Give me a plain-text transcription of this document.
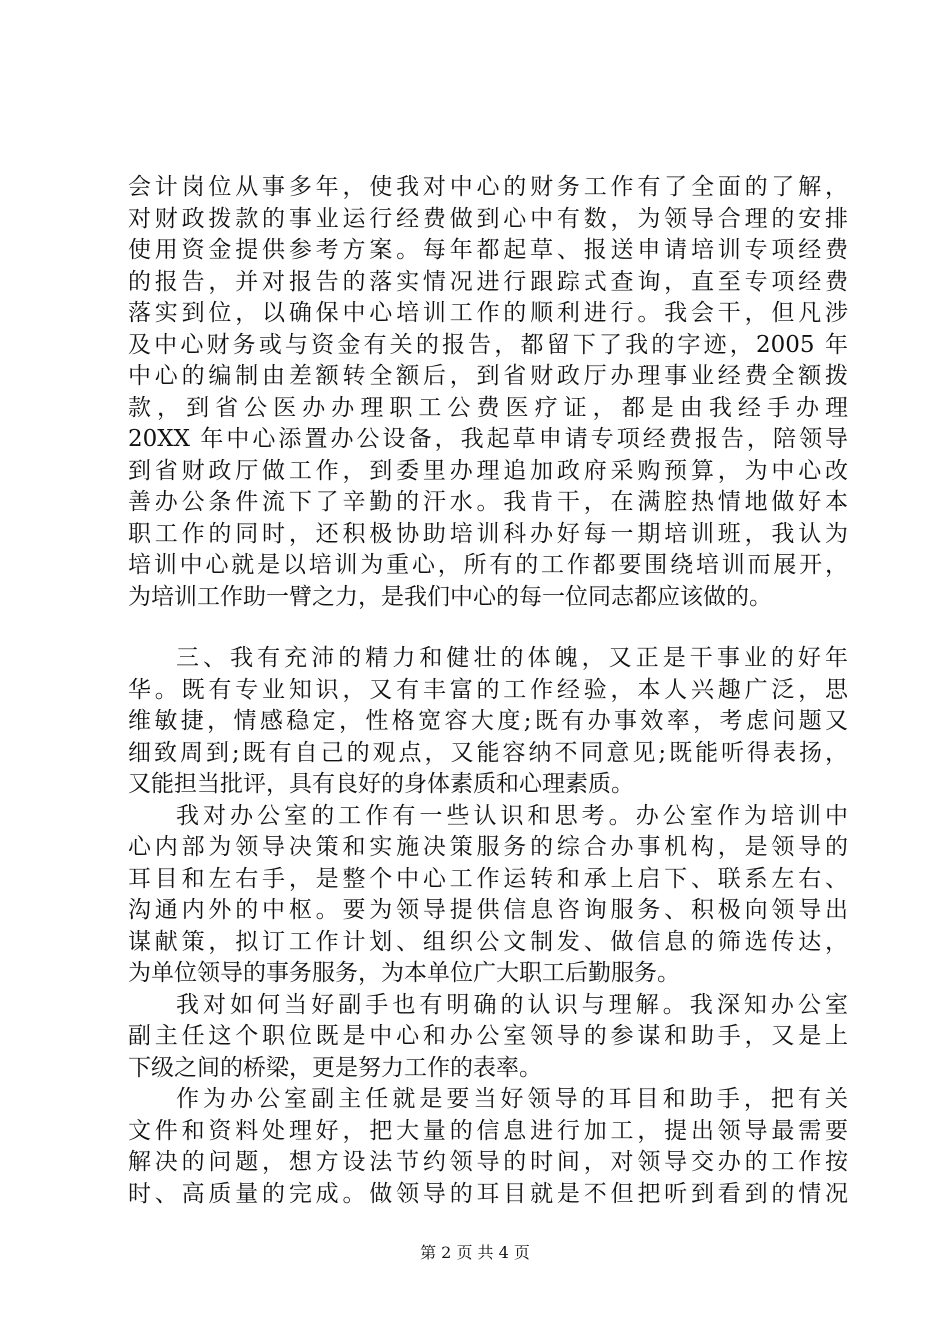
会计岗位从事多年，使我对中心的财务工作有了全面的了解，
对财政拨款的事业运行经费做到心中有数，为领导合理的安排
使用资金提供参考方案。每年都起草、报送申请培训专项经费
的报告，并对报告的落实情况进行跟踪式查询，直至专项经费
落实到位，以确保中心培训工作的顺利进行。我会干，但凡涉
及中心财务或与资金有关的报告，都留下了我的字迹，2005 年
中心的编制由差额转全额后，到省财政厅办理事业经费全额拨
款，到省公医办办理职工公费医疗证，都是由我经手办理
20XX 年中心添置办公设备，我起草申请专项经费报告，陪领导
到省财政厅做工作，到委里办理追加政府采购预算，为中心改
善办公条件流下了辛勤的汗水。我肯干，在满腔热情地做好本
职工作的同时，还积极协助培训科办好每一期培训班，我认为
培训中心就是以培训为重心，所有的工作都要围绕培训而展开，
为培训工作助一臂之力，是我们中心的每一位同志都应该做的。
三、我有充沛的精力和健壮的体魄，又正是干事业的好年
华。既有专业知识，又有丰富的工作经验，本人兴趣广泛，思
维敏捷，情感稳定，性格宽容大度;既有办事效率，考虑问题又
细致周到;既有自己的观点，又能容纳不同意见;既能听得表扬，
又能担当批评，具有良好的身体素质和心理素质。
我对办公室的工作有一些认识和思考。办公室作为培训中
心内部为领导决策和实施决策服务的综合办事机构，是领导的
耳目和左右手，是整个中心工作运转和承上启下、联系左右、
沟通内外的中枢。要为领导提供信息咨询服务、积极向领导出
谋献策，拟订工作计划、组织公文制发、做信息的筛选传达，
为单位领导的事务服务，为本单位广大职工后勤服务。
我对如何当好副手也有明确的认识与理解。我深知办公室
副主任这个职位既是中心和办公室领导的参谋和助手，又是上
下级之间的桥梁，更是努力工作的表率。
作为办公室副主任就是要当好领导的耳目和助手，把有关
文件和资料处理好，把大量的信息进行加工，提出领导最需要
解决的问题，想方设法节约领导的时间，对领导交办的工作按
时、高质量的完成。做领导的耳目就是不但把听到看到的情况
第 2 页 共 4 页
